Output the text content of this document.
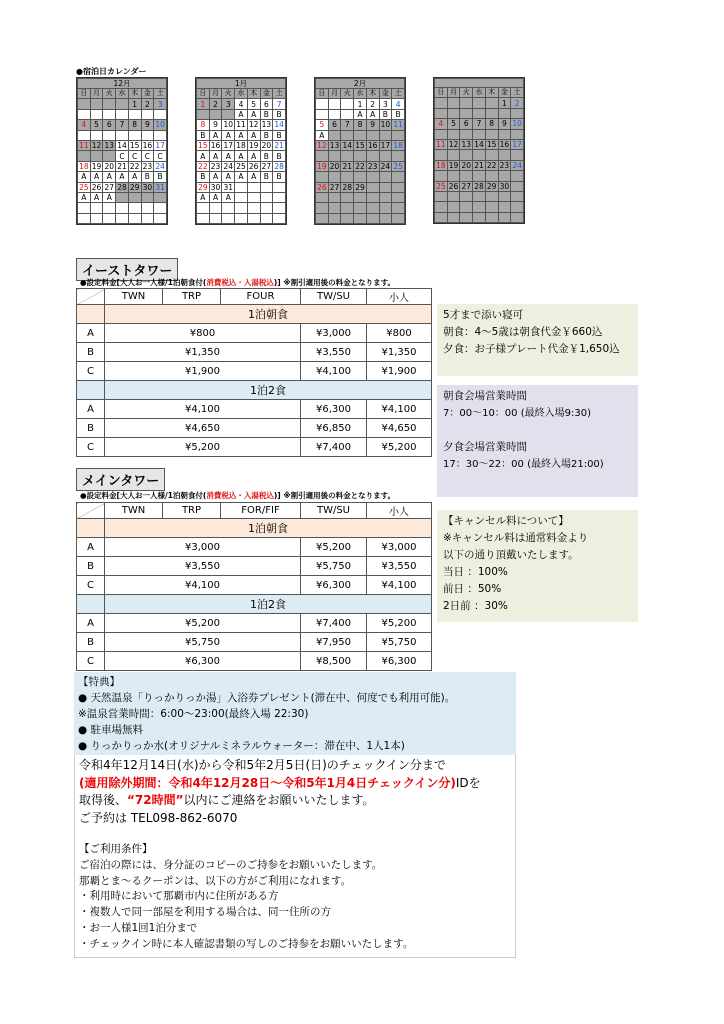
●宿泊日カレンダー
12月						
日	月	火	水	木	金	土
				1	2	3

4	5	6	7	8	9	10

11	12	13	14	15	16	17
			C	C	C	C
18	19	20	21	22	23	24
A	A	A	A	A	B	B
25	26	27	28	29	30	31
A	A	A				

1月						
日	月	火	水	木	金	土
1	2	3	4	5	6	7
			A	A	B	B
8	9	10	11	12	13	14
B	A	A	A	A	B	B
15	16	17	18	19	20	21
A	A	A	A	A	B	B
22	23	24	25	26	27	28
B	A	A	A	A	B	B
29	30	31				
A	A	A				

2月						
日	月	火	水	木	金	土
			1	2	3	4
			A	A	B	B
5	6	7	8	9	10	11
A						
12	13	14	15	16	17	18

19	20	21	22	23	24	25

26	27	28	29			

日	月	火	水	木	金	土
					1	2

4	5	6	7	8	9	10

11	12	13	14	15	16	17

18	19	20	21	22	23	24

25	26	27	28	29	30	

イーストタワー
●設定料金[大人お一人様/1泊朝食付(消費税込・入湯税込)] ※割引適用後の料金となります。
	TWN	TRP	FOUR	TW/SU	小人
	1泊朝食				
A	¥800			¥3,000	¥800
B	¥1,350			¥3,550	¥1,350
C	¥1,900			¥4,100	¥1,900
	1泊2食				
A	¥4,100			¥6,300	¥4,100
B	¥4,650			¥6,850	¥4,650
C	¥5,200			¥7,400	¥5,200
メインタワー
●設定料金[大人お一人様/1泊朝食付(消費税込・入湯税込)] ※割引適用後の料金となります。
	TWN	TRP	FOR/FIF	TW/SU	小人
	1泊朝食				
A	¥3,000			¥5,200	¥3,000
B	¥3,550			¥5,750	¥3,550
C	¥4,100			¥6,300	¥4,100
	1泊2食				
A	¥5,200			¥7,400	¥5,200
B	¥5,750			¥7,950	¥5,750
C	¥6,300			¥8,500	¥6,300
5才まで添い寝可
朝食：4～5歳は朝食代金￥660込
夕食：お子様プレート代金￥1,650込
朝食会場営業時間
7：00～10：00 (最終入場9:30)

夕食会場営業時間
17：30～22：00 (最終入場21:00)
【キャンセル料について】
※キャンセル料は通常料金より
以下の通り頂戴いたします。
当日 ：100%
前日 ：50%
2日前 ：30%
【特典】
● 天然温泉「りっかりっか湯」入浴券プレゼント(滞在中、何度でも利用可能)。
※温泉営業時間：6:00～23:00(最終入場 22:30)
● 駐車場無料
● りっかりっか水(オリジナルミネラルウォーター：滞在中、1人1本)
令和4年12月14日(水)から令和5年2月5日(日)のチェックイン分まで
(適用除外期間：令和4年12月28日～令和5年1月4日チェックイン分)IDを
取得後、“72時間”以内にご連絡をお願いいたします。
ご予約は TEL098-862-6070
【ご利用条件】
ご宿泊の際には、身分証のコピーのご持参をお願いいたします。
那覇とま～るクーポンは、以下の方がご利用になれます。
・利用時において那覇市内に住所がある方
・複数人で同一部屋を利用する場合は、同一住所の方
・お一人様1回1泊分まで
・チェックイン時に本人確認書類の写しのご持参をお願いいたします。
